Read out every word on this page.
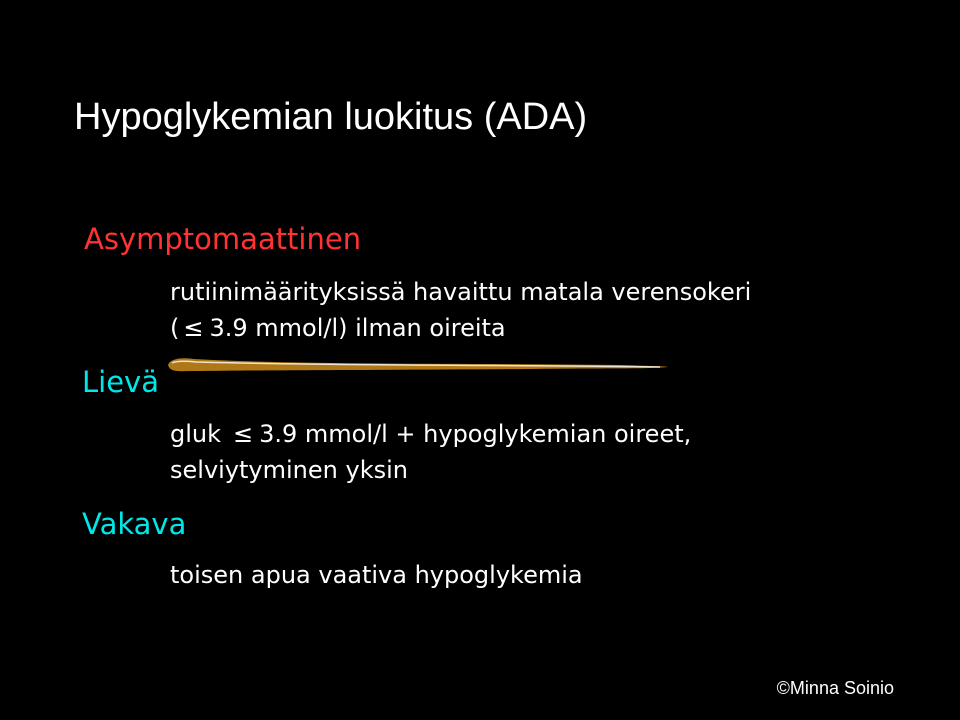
Hypoglykemian luokitus (ADA)
Asymptomaattinen
rutiinimäärityksissä havaittu matala verensokeri
( ≤ 3.9 mmol/l) ilman oireita
Lievä
gluk ≤ 3.9 mmol/l + hypoglykemian oireet,
selviytyminen yksin
Vakava
toisen apua vaativa hypoglykemia
©Minna Soinio
